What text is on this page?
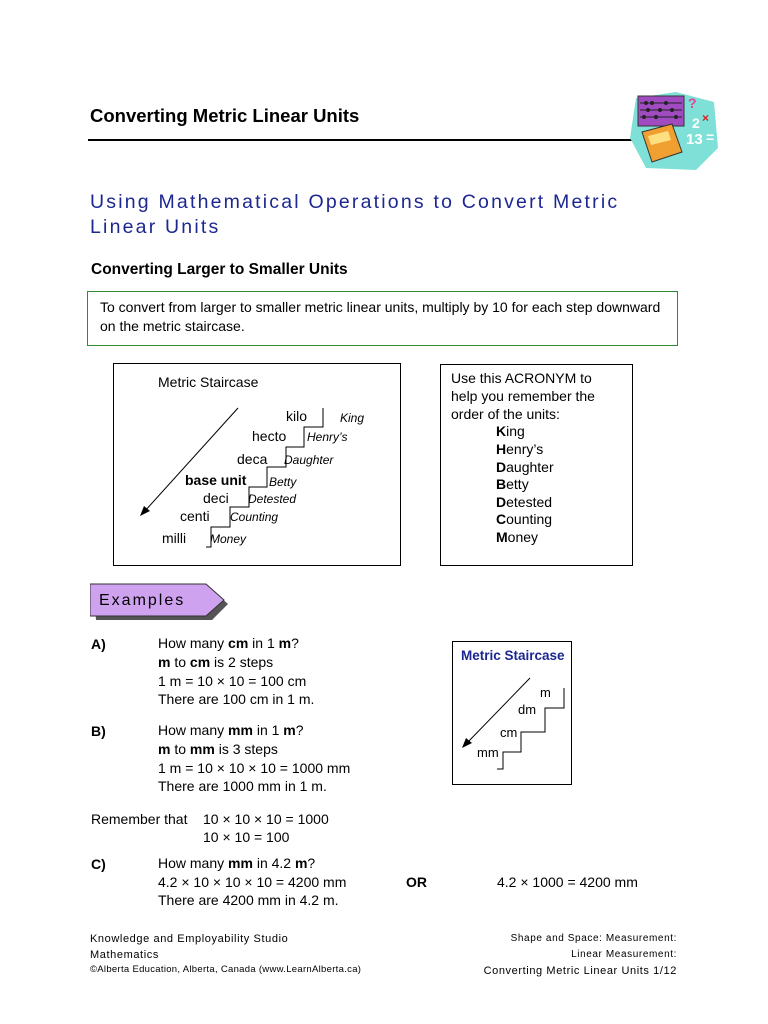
Converting Metric Linear Units
?
2 ×
13 =
Using Mathematical Operations to Convert Metric Linear Units
Converting Larger to Smaller Units
To convert from larger to smaller metric linear units, multiply by 10 for each step downward on the metric staircase.
Metric Staircase
kilo	King
hecto Henry’s
deca Daughter
base unit Betty
deci Detested
centi Counting
milli Money
Use this ACRONYM to help you remember the order of the units:
King
Henry’s
Daughter
Betty
Detested
Counting
Money
Examples
A)	How many cm in 1 m?
m to cm is 2 steps
1 m = 10 × 10 = 100 cm
There are 100 cm in 1 m.
B)	How many mm in 1 m?
m to mm is 3 steps
1 m = 10 × 10 × 10 = 1000 mm
There are 1000 mm in 1 m.
Remember that 10 × 10 × 10 = 1000
10 × 10 = 100
C)	How many mm in 4.2 m?
4.2 × 10 × 10 × 10 = 4200 mm
There are 4200 mm in 4.2 m.
OR	4.2 × 1000 = 4200 mm
Metric Staircase
m
dm
cm
mm
Knowledge and Employability Studio
Mathematics
©Alberta Education, Alberta, Canada (www.LearnAlberta.ca)
Shape and Space: Measurement:
Linear Measurement:
Converting Metric Linear Units 1/12
